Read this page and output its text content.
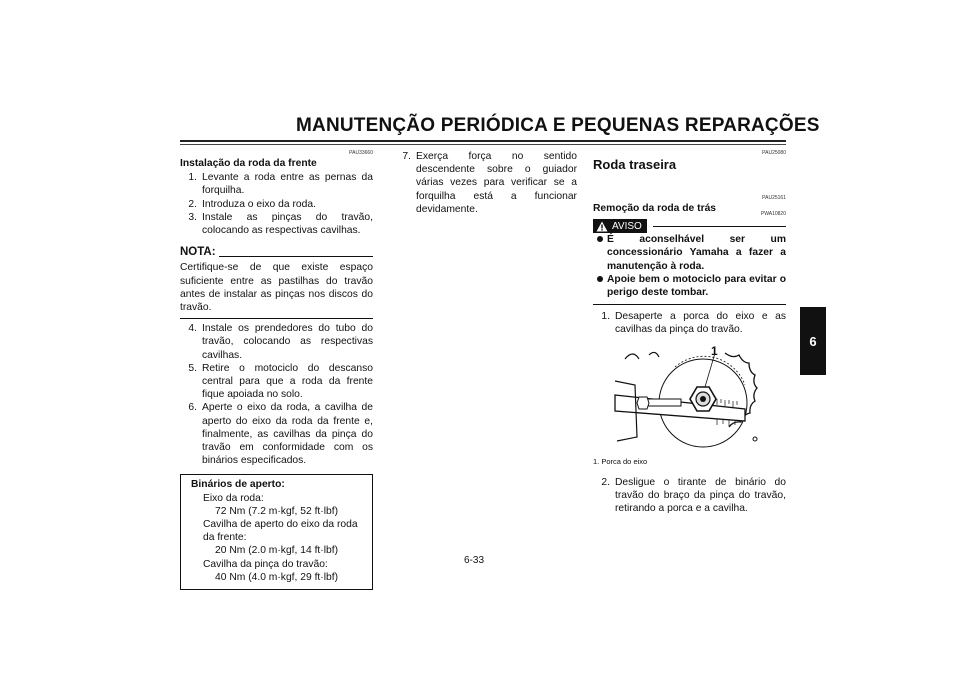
MANUTENÇÃO PERIÓDICA E PEQUENAS REPARAÇÕES
6
PAU33660
Instalação da roda da frente
1. Levante a roda entre as pernas da forquilha.
2. Introduza o eixo da roda.
3. Instale as pinças do travão, colocando as respectivas cavilhas.
NOTA:
Certifique-se de que existe espaço suficiente entre as pastilhas do travão antes de instalar as pinças nos discos do travão.
4. Instale os prendedores do tubo do travão, colocando as respectivas cavilhas.
5. Retire o motociclo do descanso central para que a roda da frente fique apoiada no solo.
6. Aperte o eixo da roda, a cavilha de aperto do eixo da roda da frente e, finalmente, as cavilhas da pinça do travão em conformidade com os binários especificados.
Binários de aperto:
Eixo da roda:
72 Nm (7.2 m·kgf, 52 ft·lbf)
Cavilha de aperto do eixo da roda da frente:
20 Nm (2.0 m·kgf, 14 ft·lbf)
Cavilha da pinça do travão:
40 Nm (4.0 m·kgf, 29 ft·lbf)
7. Exerça força no sentido descendente sobre o guiador várias vezes para verificar se a forquilha está a funcionar devidamente.
PAU25080
Roda traseira
PAU25161
Remoção da roda de trás
AVISO
PWA10820
É aconselhável ser um concessionário Yamaha a fazer a manutenção à roda.
Apoie bem o motociclo para evitar o perigo deste tombar.
1. Desaperte a porca do eixo e as cavilhas da pinça do travão.
1
1. Porca do eixo
2. Desligue o tirante de binário do travão do braço da pinça do travão, retirando a porca e a cavilha.
6-33
